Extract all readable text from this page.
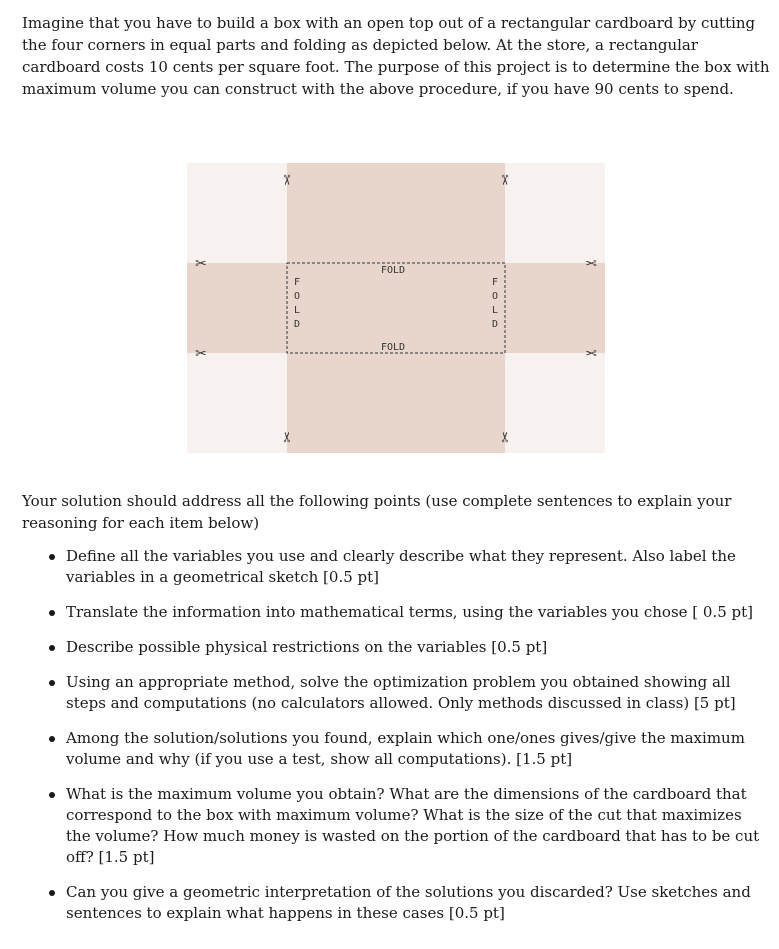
Imagine that you have to build a box with an open top out of a rectangular cardboard by cutting the four corners in equal parts and folding as depicted below. At the store, a rectangular cardboard costs 10 cents per square foot. The purpose of this project is to determine the box with maximum volume you can construct with the above procedure, if you have 90 cents to spend.

FOLD
FOLD
F
O
L
D
F
O
L
D
✂	✂
✂	✂
✂
✂
✂
✂

Your solution should address all the following points (use complete sentences to explain your reasoning for each item below)

Define all the variables you use and clearly describe what they represent. Also label the variables in a geometrical sketch [0.5 pt]
Translate the information into mathematical terms, using the variables you chose [ 0.5 pt]
Describe possible physical restrictions on the variables [0.5 pt]
Using an appropriate method, solve the optimization problem you obtained showing all steps and computations (no calculators allowed. Only methods discussed in class) [5 pt]
Among the solution/solutions you found, explain which one/ones gives/give the maximum volume and why (if you use a test, show all computations). [1.5 pt]
What is the maximum volume you obtain? What are the dimensions of the cardboard that correspond to the box with maximum volume? What is the size of the cut that maximizes the volume? How much money is wasted on the portion of the cardboard that has to be cut off? [1.5 pt]
Can you give a geometric interpretation of the solutions you discarded? Use sketches and sentences to explain what happens in these cases [0.5 pt]
